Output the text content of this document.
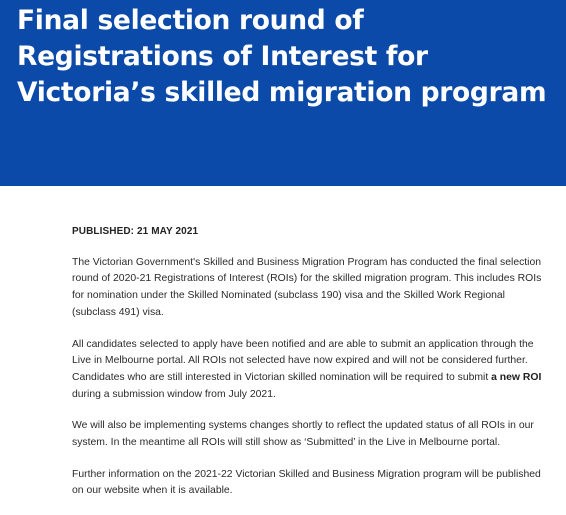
Final selection round of Registrations of Interest for Victoria’s skilled migration program

PUBLISHED: 21 MAY 2021

The Victorian Government's Skilled and Business Migration Program has conducted the final selection round of 2020-21 Registrations of Interest (ROIs) for the skilled migration program. This includes ROIs for nomination under the Skilled Nominated (subclass 190) visa and the Skilled Work Regional (subclass 491) visa.

All candidates selected to apply have been notified and are able to submit an application through the Live in Melbourne portal. All ROIs not selected have now expired and will not be considered further. Candidates who are still interested in Victorian skilled nomination will be required to submit a new ROI during a submission window from July 2021.

We will also be implementing systems changes shortly to reflect the updated status of all ROIs in our system. In the meantime all ROIs will still show as ‘Submitted’ in the Live in Melbourne portal.

Further information on the 2021-22 Victorian Skilled and Business Migration program will be published on our website when it is available.
